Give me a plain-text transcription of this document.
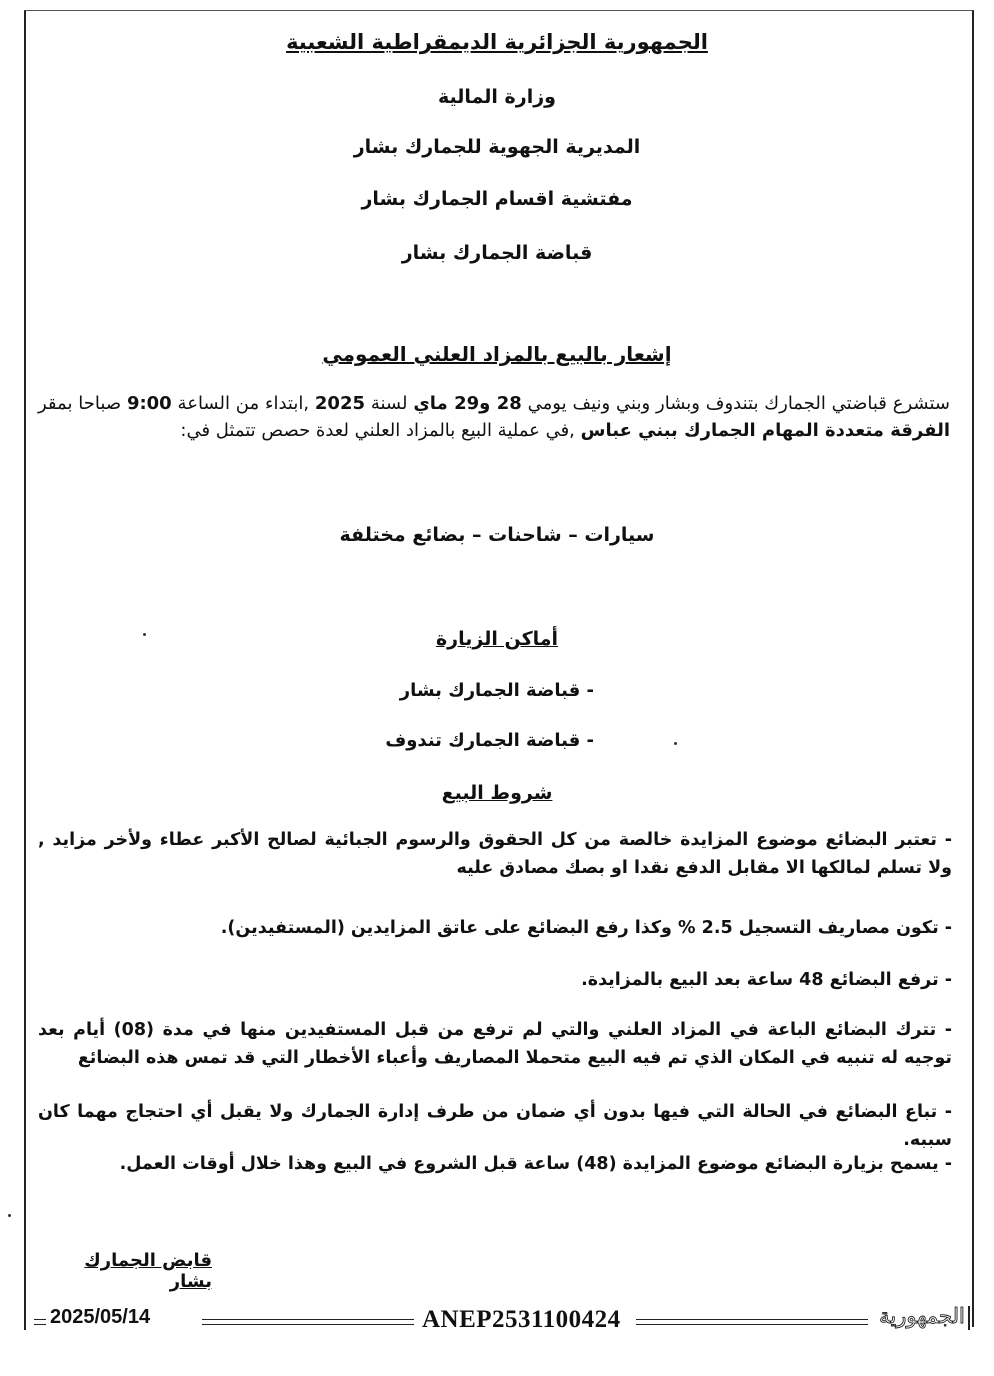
الجمهورية الجزائرية الديمقراطية الشعبية
وزارة المالية
المديرية الجهوية للجمارك بشار
مفتشية اقسام الجمارك بشار
قباضة الجمارك بشار
إشعار بالبيع بالمزاد العلني العمومي
ستشرع قباضتي الجمارك بتندوف وبشار وبني ونيف يومي 28 و29 ماي لسنة 2025 ,ابتداء من الساعة 9:00 صباحا بمقر الفرقة متعددة المهام الجمارك ببني عباس ,في عملية البيع بالمزاد العلني لعدة حصص تتمثل في:
سيارات – شاحنات – بضائع مختلفة
أماكن الزيارة
- قباضة الجمارك بشار
- قباضة الجمارك تندوف
شروط البيع

- تعتبر البضائع موضوع المزايدة خالصة من كل الحقوق والرسوم الجبائية لصالح الأكبر عطاء ولأخر مزايد , ولا تسلم لمالكها الا مقابل الدفع نقدا او بصك مصادق عليه

- تكون مصاريف التسجيل 2.5 % وكذا رفع البضائع على عاتق المزايدين (المستفيدين).

- ترفع البضائع 48 ساعة بعد البيع بالمزايدة.

- تترك البضائع الباعة في المزاد العلني والتي لم ترفع من قبل المستفيدين منها في مدة (08) أيام بعد توجيه له تنبيه في المكان الذي تم فيه البيع متحملا المصاريف وأعباء الأخطار التي قد تمس هذه البضائع

- تباع البضائع في الحالة التي فيها بدون أي ضمان من طرف إدارة الجمارك ولا يقبل أي احتجاج مهما كان سببه.

- يسمح بزيارة البضائع موضوع المزايدة (48) ساعة قبل الشروع في البيع وهذا خلال أوقات العمل.

قابض الجمارك بشار
2025/05/14	ANEP2531100424	الجمهورية
